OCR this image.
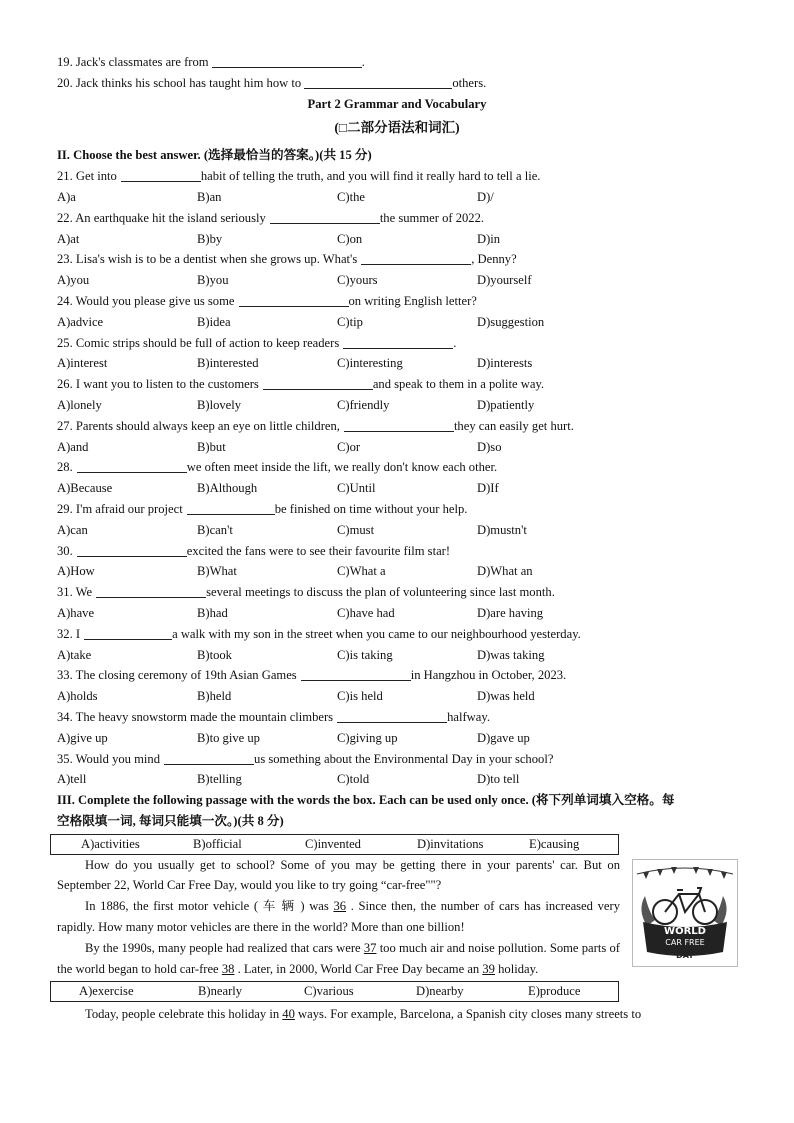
19. Jack's classmates are from	.
20. Jack thinks his school has taught him how to	others.
Part 2 Grammar and Vocabulary
(□二部分语法和词汇)
II. Choose the best answer. (选择最恰当的答案。)(共 15 分)
21. Get into	habit of telling the truth, and you will find it really hard to tell a lie.
A)a	B)an	C)the	D)/
22. An earthquake hit the island seriously	the summer of 2022.
A)at	B)by	C)on	D)in
23. Lisa's wish is to be a dentist when she grows up. What's	, Denny?
A)you	B)you	C)yours	D)yourself
24. Would you please give us some	on writing English letter?
A)advice	B)idea	C)tip	D)suggestion
25. Comic strips should be full of action to keep readers	.
A)interest	B)interested	C)interesting	D)interests
26. I want you to listen to the customers	and speak to them in a polite way.
A)lonely	B)lovely	C)friendly	D)patiently
27. Parents should always keep an eye on little children,	they can easily get hurt.
A)and	B)but	C)or	D)so
28.	we often meet inside the lift, we really don't know each other.
A)Because	B)Although	C)Until	D)If
29. I'm afraid our project	be finished on time without your help.
A)can	B)can't	C)must	D)mustn't
30.	excited the fans were to see their favourite film star!
A)How	B)What	C)What a	D)What an
31. We	several meetings to discuss the plan of volunteering since last month.
A)have	B)had	C)have had	D)are having
32. I	a walk with my son in the street when you came to our neighbourhood yesterday.
A)take	B)took	C)is taking	D)was taking
33. The closing ceremony of 19th Asian Games	in Hangzhou in October, 2023.
A)holds	B)held	C)is held	D)was held
34. The heavy snowstorm made the mountain climbers	halfway.
A)give up	B)to give up	C)giving up	D)gave up
35. Would you mind	us something about the Environmental Day in your school?
A)tell	B)telling	C)told	D)to tell
III. Complete the following passage with the words the box. Each can be used only once. (将下列单词填入空格。每
空格限填一词, 每词只能填一次。)(共 8 分)
A)activities	B)official	C)invented	D)invitations	E)causing
How do you usually get to school? Some of you may be getting there in your parents' car. But on September 22, World Car Free Day, would you like to try going “car-free""?
In 1886, the first motor vehicle ( 车 辆 ) was 36 . Since then, the number of cars has increased very rapidly. How many motor vehicles are there in the world? More than one billion!
By the 1990s, many people had realized that cars were 37 too much air and noise pollution. Some parts of the world began to hold car-free 38 . Later, in 2000, World Car Free Day became an 39 holiday.
A)exercise	B)nearly	C)various	D)nearby	E)produce
Today, people celebrate this holiday in 40 ways. For example, Barcelona, a Spanish city closes many streets to
WORLD
CAR FREE
DAY
